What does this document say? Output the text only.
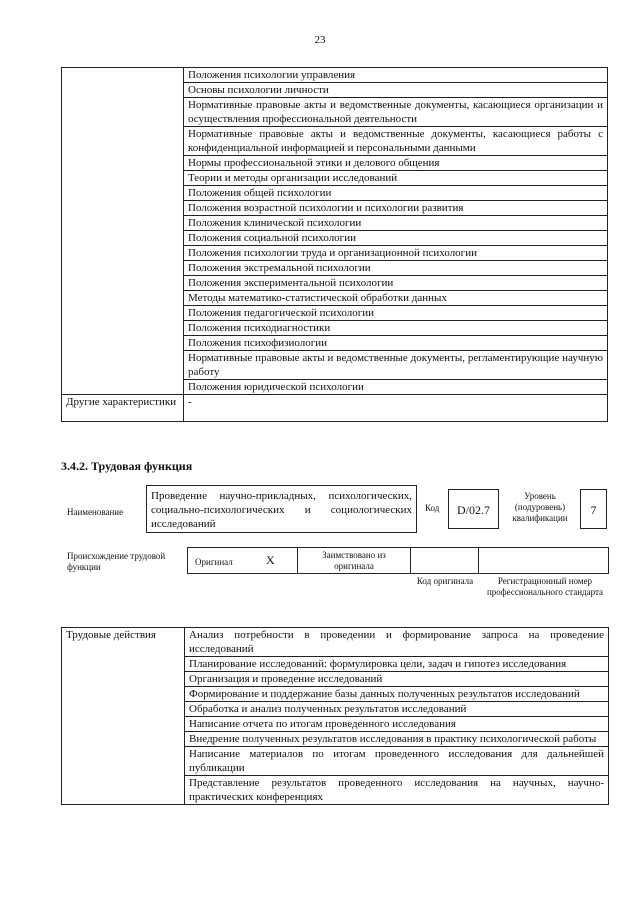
23
	Положения психологии управления
	Основы психологии личности
	Нормативные правовые акты и ведомственные документы, касающиеся организации и осуществления профессиональной деятельности
	Нормативные правовые акты и ведомственные документы, касающиеся работы с конфиденциальной информацией и персональными данными
	Нормы профессиональной этики и делового общения
	Теории и методы организации исследований
	Положения общей психологии
	Положения возрастной психологии и психологии развития
	Положения клинической психологии
	Положения социальной психологии
	Положения психологии труда и организационной психологии
	Положения экстремальной психологии
	Положения экспериментальной психологии
	Методы математико-статистической обработки данных
	Положения педагогической психологии
	Положения психодиагностики
	Положения психофизиологии
	Нормативные правовые акты и ведомственные документы, регламентирующие научную работу
	Положения юридической психологии
Другие характеристики	-
3.4.2. Трудовая функция
Наименование
Проведение научно-прикладных, психологических, социально-психологических и социологических исследований
Код	D/02.7
Уровень (подуровень) квалификации
7
Происхождение трудовой функции	Оригинал	X	Заимствовано из оригинала
Код оригинала	Регистрационный номер профессионального стандарта
Трудовые действия	Анализ потребности в проведении и формирование запроса на проведение исследований
Планирование исследований: формулировка цели, задач и гипотез исследования
Организация и проведение исследований
Формирование и поддержание базы данных полученных результатов исследований
Обработка и анализ полученных результатов исследований
Написание отчета по итогам проведенного исследования
Внедрение полученных результатов исследования в практику психологической работы
Написание материалов по итогам проведенного исследования для дальнейшей публикации
Представление результатов проведенного исследования на научных, научно-практических конференциях
